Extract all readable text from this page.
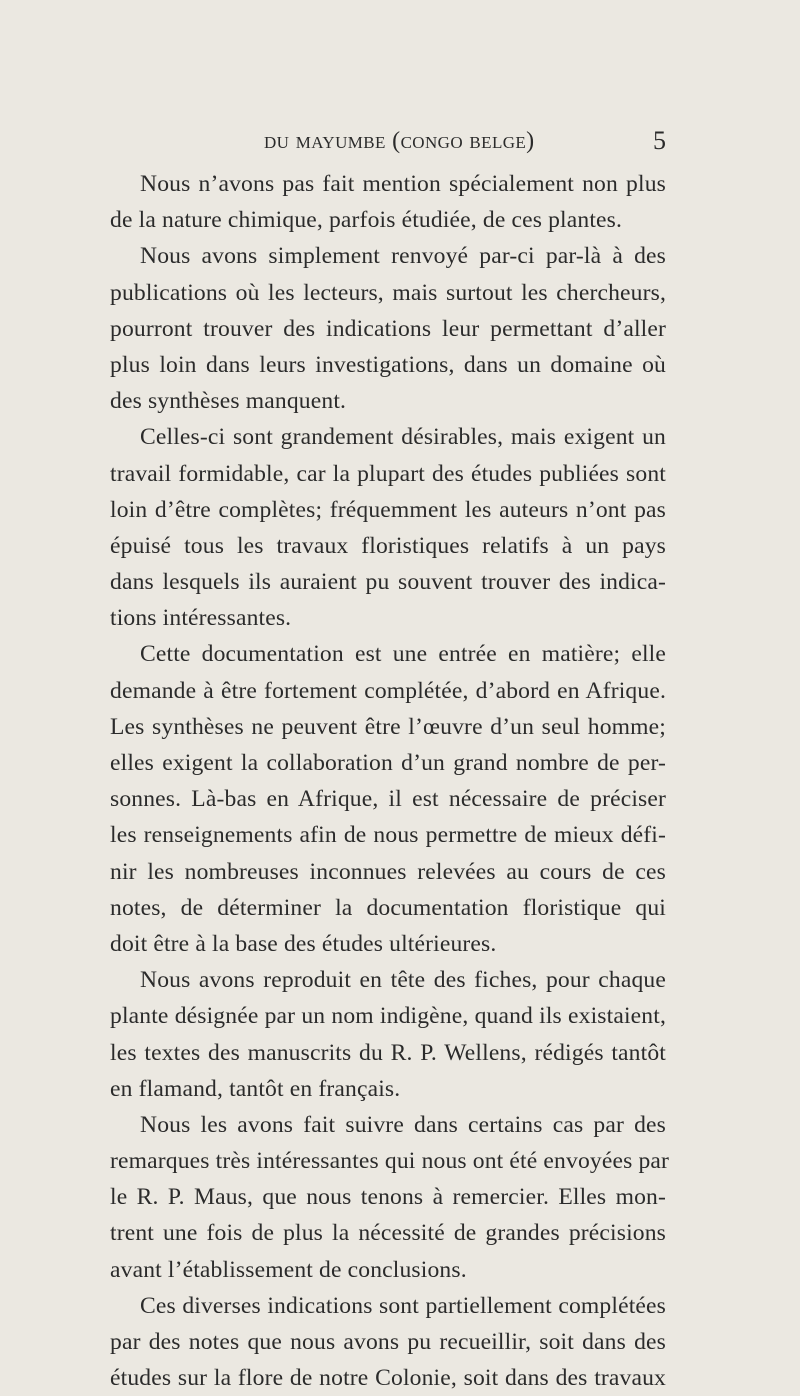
du mayumbe (congo belge)	5
Nous n’avons pas fait mention spécialement non plus
de la nature chimique, parfois étudiée, de ces plantes.
Nous avons simplement renvoyé par-ci par-là à des
publications où les lecteurs, mais surtout les chercheurs,
pourront trouver des indications leur permettant d’aller
plus loin dans leurs investigations, dans un domaine où
des synthèses manquent.
Celles-ci sont grandement désirables, mais exigent un
travail formidable, car la plupart des études publiées sont
loin d’être complètes; fréquemment les auteurs n’ont pas
épuisé tous les travaux floristiques relatifs à un pays
dans lesquels ils auraient pu souvent trouver des indica-
tions intéressantes.
Cette documentation est une entrée en matière; elle
demande à être fortement complétée, d’abord en Afrique.
Les synthèses ne peuvent être l’œuvre d’un seul homme;
elles exigent la collaboration d’un grand nombre de per-
sonnes. Là-bas en Afrique, il est nécessaire de préciser
les renseignements afin de nous permettre de mieux défi-
nir les nombreuses inconnues relevées au cours de ces
notes, de déterminer la documentation floristique qui
doit être à la base des études ultérieures.
Nous avons reproduit en tête des fiches, pour chaque
plante désignée par un nom indigène, quand ils existaient,
les textes des manuscrits du R. P. Wellens, rédigés tantôt
en flamand, tantôt en français.
Nous les avons fait suivre dans certains cas par des
remarques très intéressantes qui nous ont été envoyées par
le R. P. Maus, que nous tenons à remercier. Elles mon-
trent une fois de plus la nécessité de grandes précisions
avant l’établissement de conclusions.
Ces diverses indications sont partiellement complétées
par des notes que nous avons pu recueillir, soit dans des
études sur la flore de notre Colonie, soit dans des travaux
